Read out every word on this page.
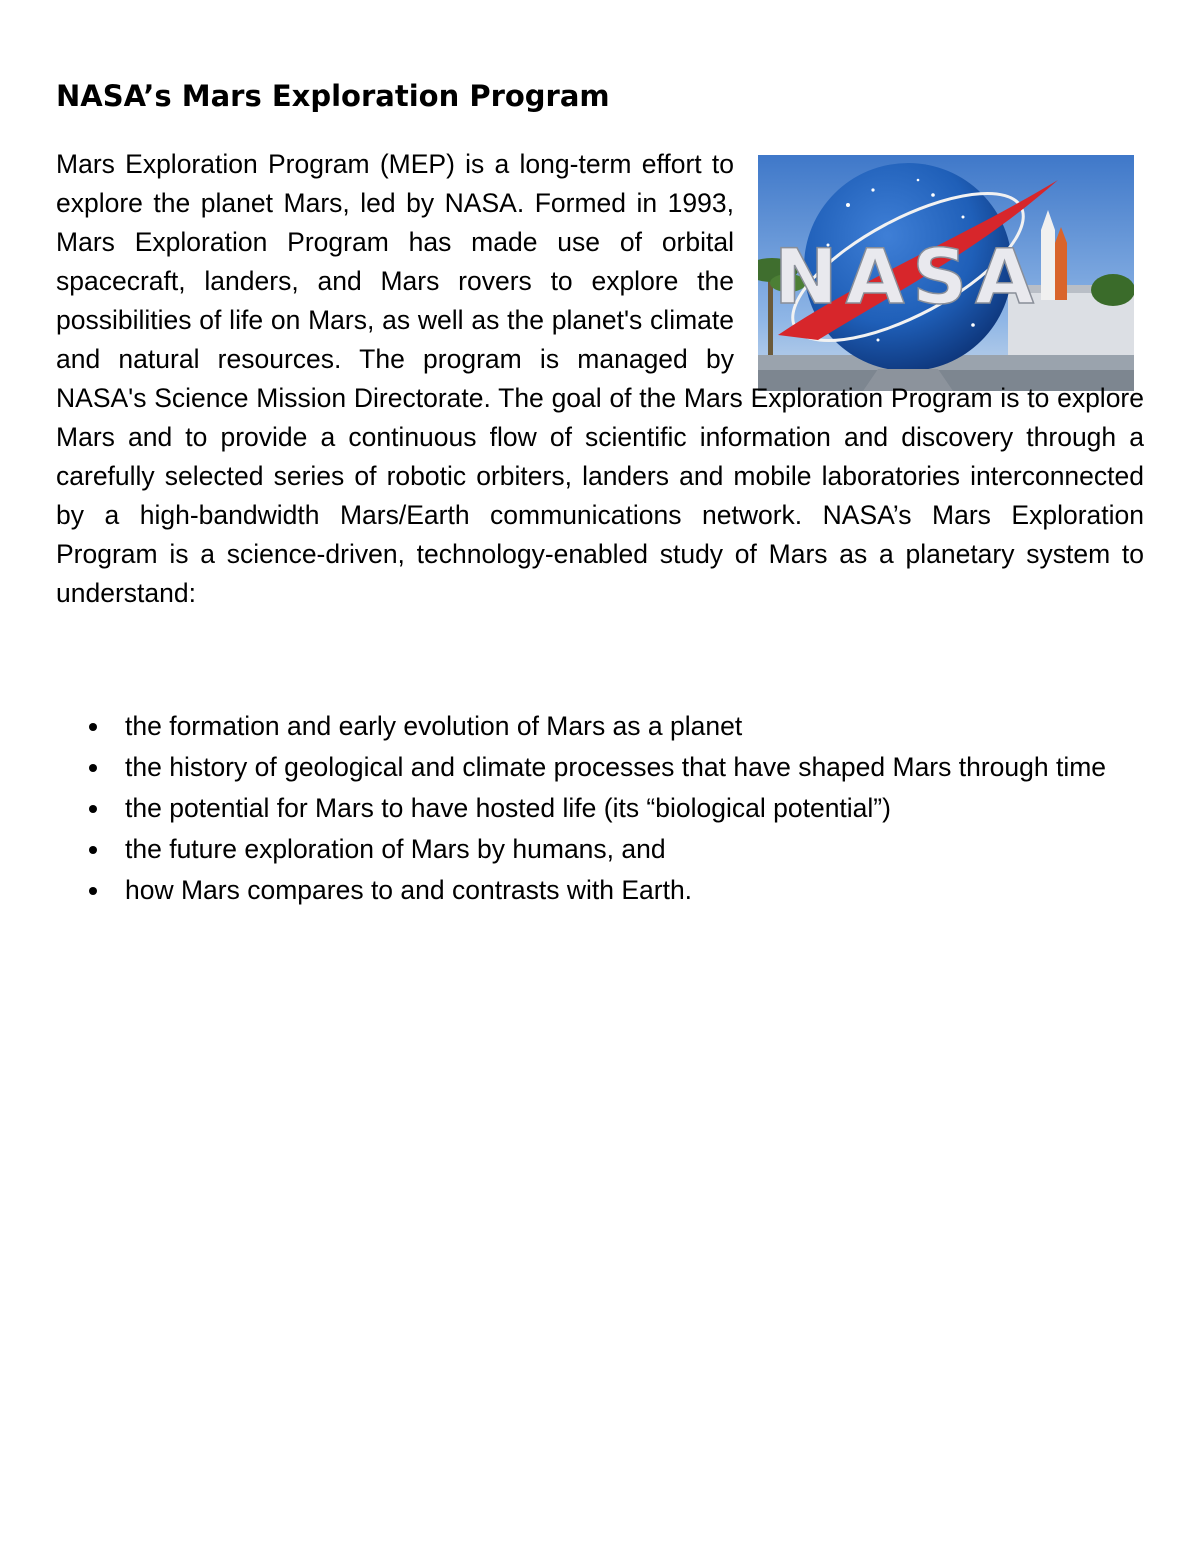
NASA’s Mars Exploration Program
NASA

Mars Exploration Program (MEP) is a long-term effort to explore the planet Mars, led by NASA. Formed in 1993, Mars Exploration Program has made use of orbital spacecraft, landers, and Mars rovers to explore the possibilities of life on Mars, as well as the planet's climate and natural resources. The program is managed by NASA's Science Mission Directorate. The goal of the Mars Exploration Program is to explore Mars and to provide a continuous flow of scientific information and discovery through a carefully selected series of robotic orbiters, landers and mobile laboratories interconnected by a high-bandwidth Mars/Earth communications network. NASA’s Mars Exploration Program is a science-driven, technology-enabled study of Mars as a planetary system to understand:

the formation and early evolution of Mars as a planet
the history of geological and climate processes that have shaped Mars through time
the potential for Mars to have hosted life (its “biological potential”)
the future exploration of Mars by humans, and
how Mars compares to and contrasts with Earth.
